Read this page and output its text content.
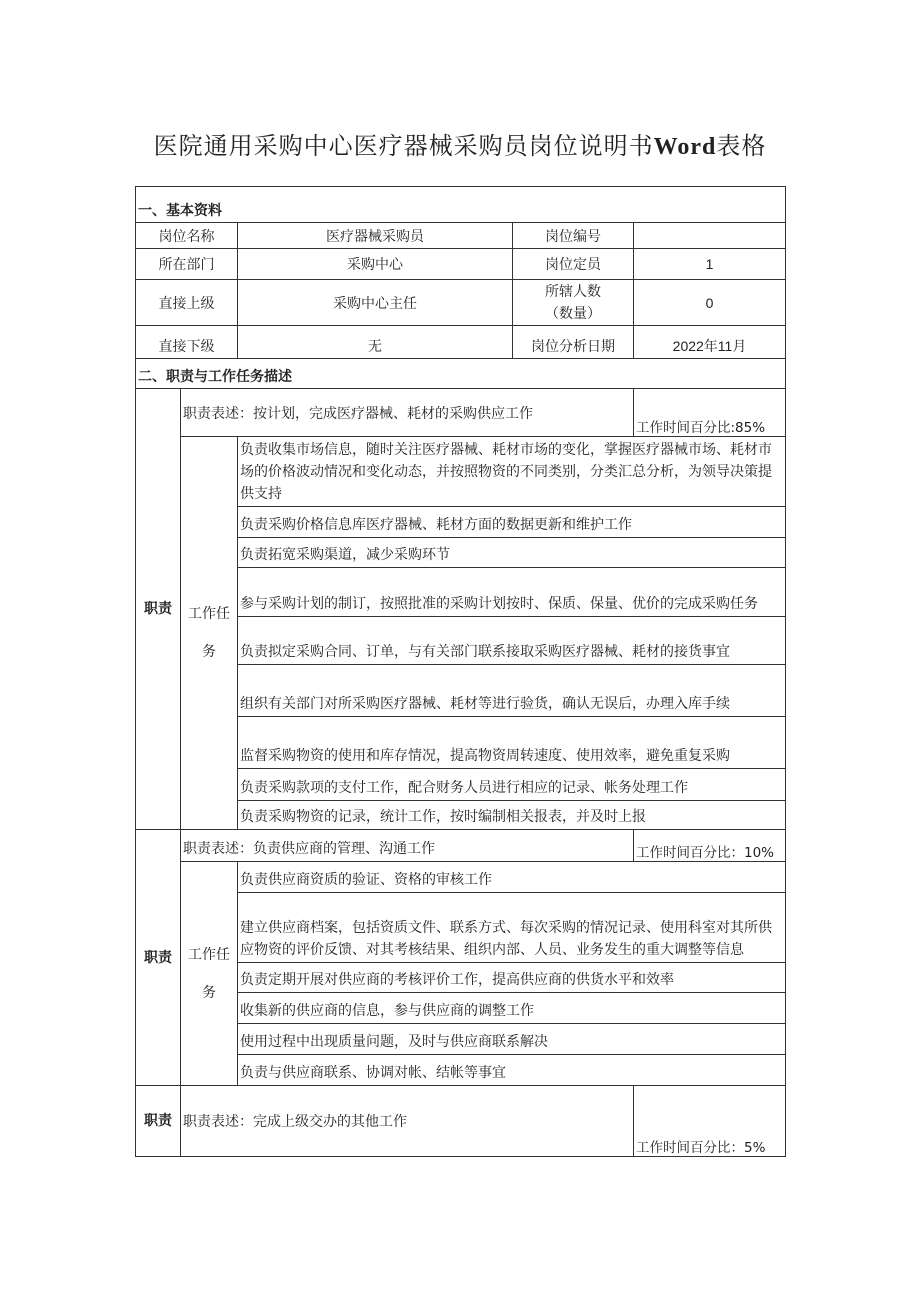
医院通用采购中心医疗器械采购员岗位说明书Word表格
一、基本资料				
岗位名称		医疗器械采购员	岗位编号	
所在部门		采购中心	岗位定员	1
直接上级		采购中心主任	所辖人数（数量）	0
直接下级		无	岗位分析日期	2022年11月
二、职责与工作任务描述				
职责	职责表述：按计划，完成医疗器械、耗材的采购供应工作			工作时间百分比:85%
	工作任务	负责收集市场信息，随时关注医疗器械、耗材市场的变化，掌握医疗器械市场、耗材市场的价格波动情况和变化动态，并按照物资的不同类别，分类汇总分析，为领导决策提供支持		
		负责采购价格信息库医疗器械、耗材方面的数据更新和维护工作		
		负责拓宽采购渠道，减少采购环节		
		参与采购计划的制订，按照批准的采购计划按时、保质、保量、优价的完成采购任务		
		负责拟定采购合同、订单，与有关部门联系接取采购医疗器械、耗材的接货事宜		
		组织有关部门对所采购医疗器械、耗材等进行验货，确认无误后，办理入库手续		
		监督采购物资的使用和库存情况，提高物资周转速度、使用效率，避免重复采购		
		负责采购款项的支付工作，配合财务人员进行相应的记录、帐务处理工作		
		负责采购物资的记录，统计工作，按时编制相关报表，并及时上报		
职责	职责表述：负责供应商的管理、沟通工作			工作时间百分比：10%
	工作任务	负责供应商资质的验证、资格的审核工作		
		建立供应商档案，包括资质文件、联系方式、每次采购的情况记录、使用科室对其所供应物资的评价反馈、对其考核结果、组织内部、人员、业务发生的重大调整等信息		
		负责定期开展对供应商的考核评价工作，提高供应商的供货水平和效率		
		收集新的供应商的信息，参与供应商的调整工作		
		使用过程中出现质量问题，及时与供应商联系解决		
		负责与供应商联系、协调对帐、结帐等事宜		
职责	职责表述：完成上级交办的其他工作			工作时间百分比：5%
